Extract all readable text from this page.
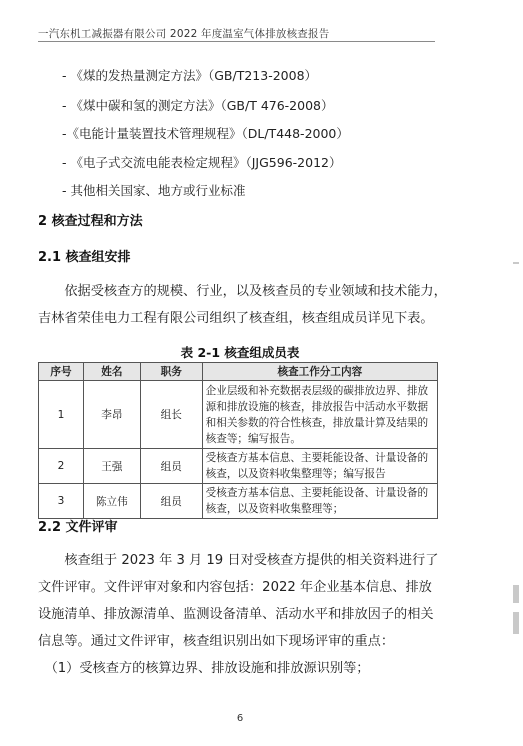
一汽东机工减振器有限公司 2022 年度温室气体排放核查报告
- 《煤的发热量测定方法》（GB/T213-2008）
- 《煤中碳和氢的测定方法》（GB/T 476-2008）
-《电能计量装置技术管理规程》（DL/T448-2000）
- 《电子式交流电能表检定规程》（JJG596-2012）
- 其他相关国家、地方或行业标准
2 核查过程和方法
2.1 核查组安排
　　依据受核查方的规模、行业，以及核查员的专业领域和技术能力，
吉林省荣佳电力工程有限公司组织了核查组，核查组成员详见下表。
表 2-1 核查组成员表
序号	姓名	职务	核查工作分工内容
1	李昂	组长	企业层级和补充数据表层级的碳排放边界、排放
源和排放设施的核查，排放报告中活动水平数据
和相关参数的符合性核查，排放量计算及结果的
核查等；编写报告。

2	王强	组员	受核查方基本信息、主要耗能设备、计量设备的
核查，以及资料收集整理等；编写报告

3	陈立伟	组员	受核查方基本信息、主要耗能设备、计量设备的
核查，以及资料收集整理等；
2.2 文件评审
　　核查组于 2023 年 3 月 19 日对受核查方提供的相关资料进行了
文件评审。文件评审对象和内容包括：2022 年企业基本信息、排放
设施清单、排放源清单、监测设备清单、活动水平和排放因子的相关
信息等。通过文件评审，核查组识别出如下现场评审的重点：
　（1）受核查方的核算边界、排放设施和排放源识别等；
6
